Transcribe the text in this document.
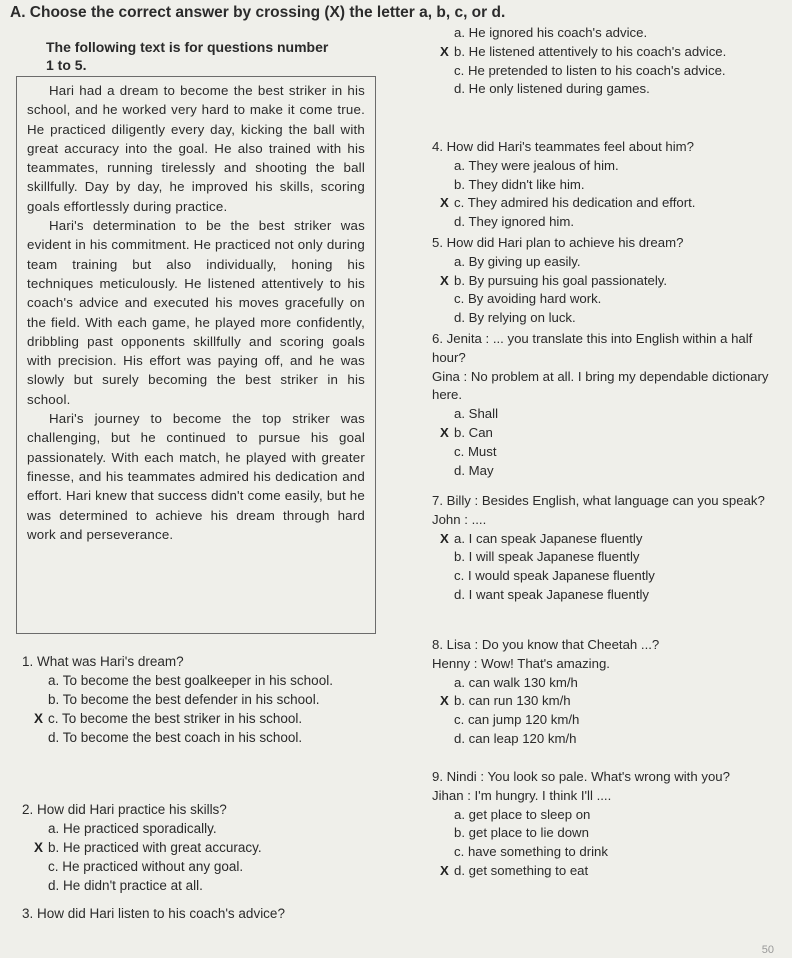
A. Choose the correct answer by crossing (X) the letter a, b, c, or d.
The following text is for questions number
1 to 5.

Hari had a dream to become the best striker in his school, and he worked very hard to make it come true. He practiced diligently every day, kicking the ball with great accuracy into the goal. He also trained with his teammates, running tirelessly and shooting the ball skillfully. Day by day, he improved his skills, scoring goals effortlessly during practice.

Hari's determination to be the best striker was evident in his commitment. He practiced not only during team training but also individually, honing his techniques meticulously. He listened attentively to his coach's advice and executed his moves gracefully on the field. With each game, he played more confidently, dribbling past opponents skillfully and scoring goals with precision. His effort was paying off, and he was slowly but surely becoming the best striker in his school.

Hari's journey to become the top striker was challenging, but he continued to pursue his goal passionately. With each match, he played with greater finesse, and his teammates admired his dedication and effort. Hari knew that success didn't come easily, but he was determined to achieve his dream through hard work and perseverance.

1. What was Hari's dream?
a. To become the best goalkeeper in his school.
b. To become the best defender in his school.
X c. To become the best striker in his school.
d. To become the best coach in his school.
2. How did Hari practice his skills?
a. He practiced sporadically.
X b. He practiced with great accuracy.
c. He practiced without any goal.
d. He didn't practice at all.
3. How did Hari listen to his coach's advice?
a. He ignored his coach's advice.
X b. He listened attentively to his coach's advice.
c. He pretended to listen to his coach's advice.
d. He only listened during games.
4. How did Hari's teammates feel about him?
a. They were jealous of him.
b. They didn't like him.
X c. They admired his dedication and effort.
d. They ignored him.
5. How did Hari plan to achieve his dream?
a. By giving up easily.
X b. By pursuing his goal passionately.
c. By avoiding hard work.
d. By relying on luck.
6. Jenita : ... you translate this into English within a half hour?
Gina : No problem at all. I bring my dependable dictionary here.
a. Shall
X b. Can
c. Must
d. May
7. Billy : Besides English, what language can you speak?
John : ....
X a. I can speak Japanese fluently
b. I will speak Japanese fluently
c. I would speak Japanese fluently
d. I want speak Japanese fluently
8. Lisa : Do you know that Cheetah ...?
Henny : Wow! That's amazing.
a. can walk 130 km/h
X b. can run 130 km/h
c. can jump 120 km/h
d. can leap 120 km/h
9. Nindi : You look so pale. What's wrong with you?
Jihan : I'm hungry. I think I'll ....
a. get place to sleep on
b. get place to lie down
c. have something to drink
X d. get something to eat
50
